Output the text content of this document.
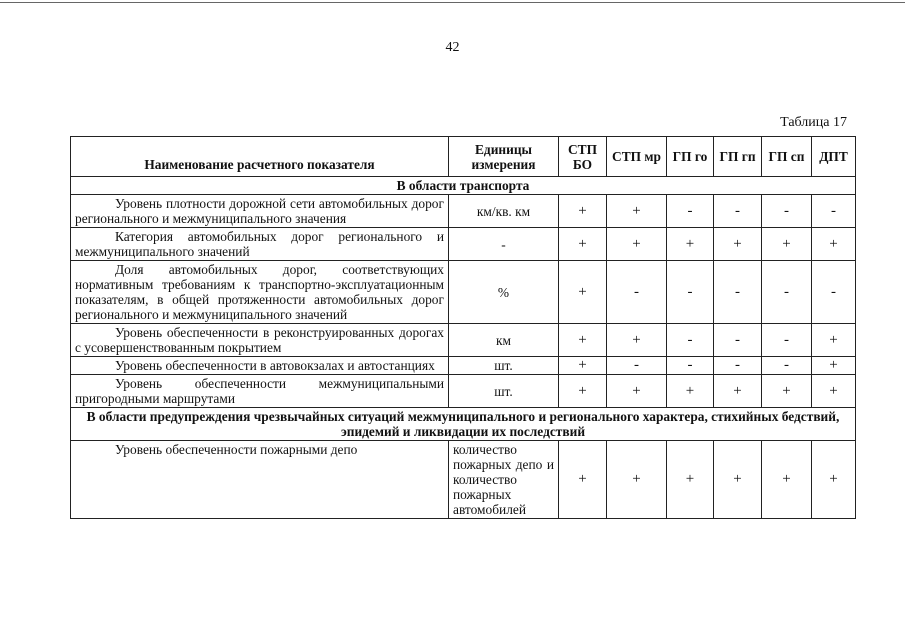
42
Таблица 17
Наименование расчетного показателя	Единицы измерения	СТП БО	СТП мр	ГП го	ГП гп	ГП сп	ДПТ
В области транспорта							
Уровень плотности дорожной сети автомобильных дорог регионального и межмуниципального значения	км/кв. км	+	+	-	-	-	-
Категория автомобильных дорог регионального и межмуниципального значений	-	+	+	+	+	+	+
Доля автомобильных дорог, соответствующих нормативным требованиям к транспортно-эксплуатационным показателям, в общей протяженности автомобильных дорог регионального и межмуниципального значений	%	+	-	-	-	-	-
Уровень обеспеченности в реконструированных дорогах с усовершенствованным покрытием	км	+	+	-	-	-	+
Уровень обеспеченности в автовокзалах и автостанциях	шт.	+	-	-	-	-	+
Уровень обеспеченности межмуниципальными пригородными маршрутами	шт.	+	+	+	+	+	+
В области предупреждения чрезвычайных ситуаций межмуниципального и регионального характера, стихийных бедствий, эпидемий и ликвидации их последствий							
Уровень обеспеченности пожарными депо	количество пожарных депо и количество пожарных автомобилей	+	+	+	+	+	+
